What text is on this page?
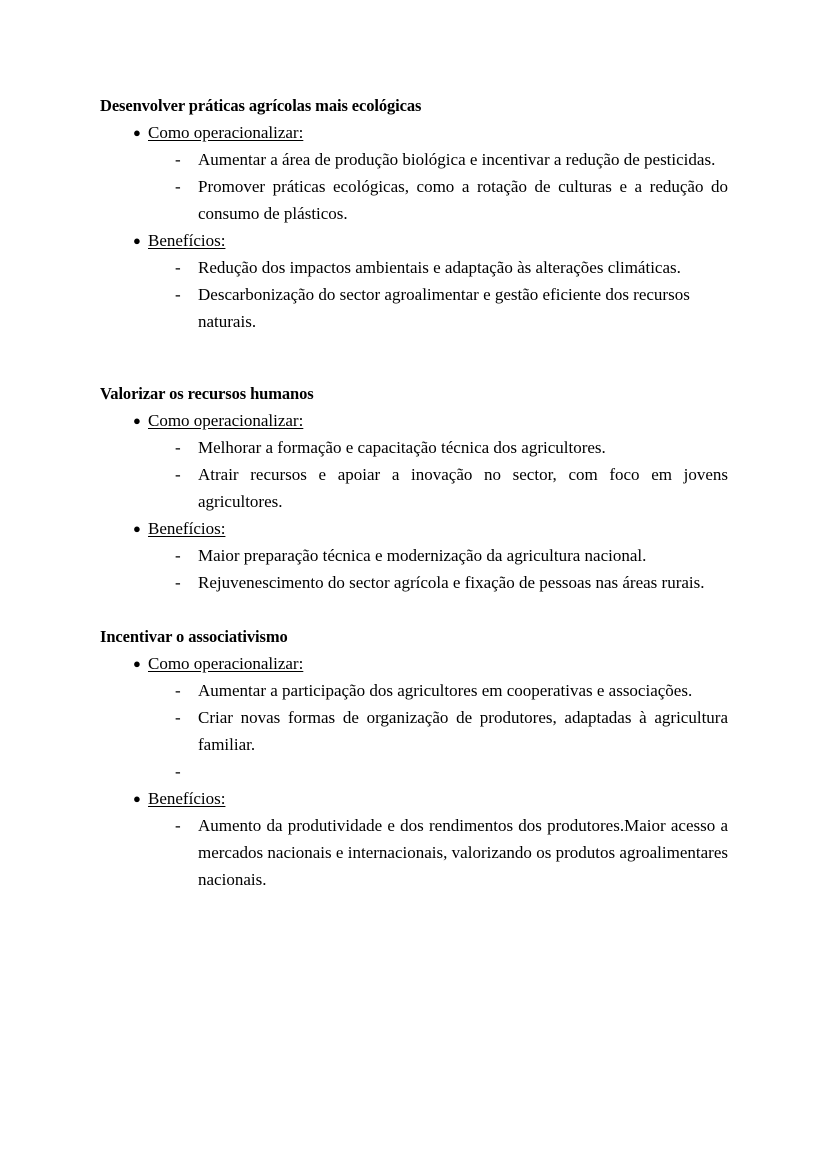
Desenvolver práticas agrícolas mais ecológicas
● Como operacionalizar:
- Aumentar a área de produção biológica e incentivar a redução de pesticidas.
- Promover práticas ecológicas, como a rotação de culturas e a redução do consumo de plásticos.
● Benefícios:
- Redução dos impactos ambientais e adaptação às alterações climáticas.
- Descarbonização do sector agroalimentar e gestão eficiente dos recursos naturais.
Valorizar os recursos humanos
● Como operacionalizar:
- Melhorar a formação e capacitação técnica dos agricultores.
- Atrair recursos e apoiar a inovação no sector, com foco em jovens agricultores.
● Benefícios:
- Maior preparação técnica e modernização da agricultura nacional.
- Rejuvenescimento do sector agrícola e fixação de pessoas nas áreas rurais.
Incentivar o associativismo
● Como operacionalizar:
- Aumentar a participação dos agricultores em cooperativas e associações.
- Criar novas formas de organização de produtores, adaptadas à agricultura familiar.
-
● Benefícios:
- Aumento da produtividade e dos rendimentos dos produtores.Maior acesso a mercados nacionais e internacionais, valorizando os produtos agroalimentares nacionais.
